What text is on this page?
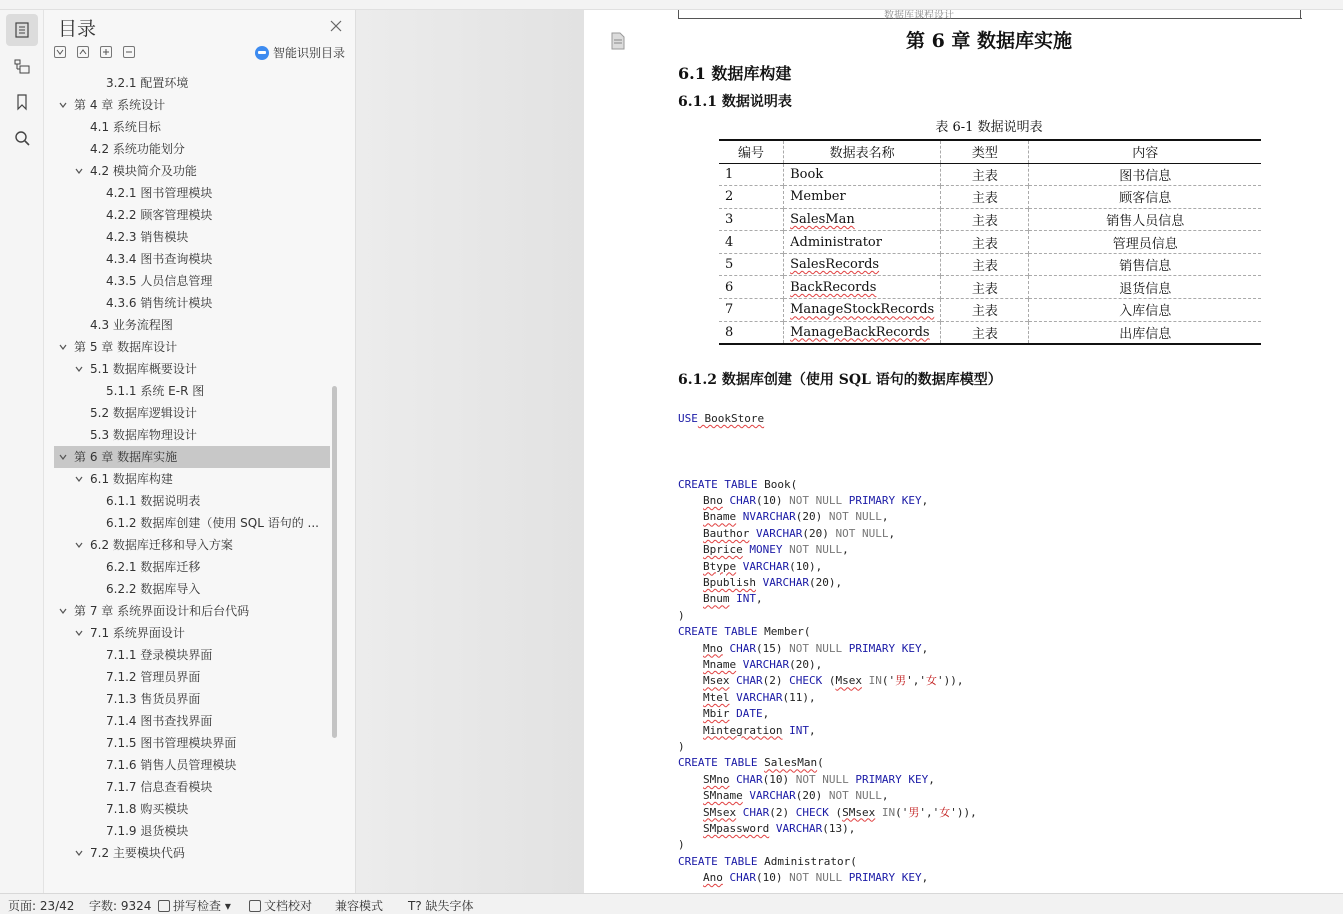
目录
智能识别目录
3.2.1 配置环境
第 4 章 系统设计
4.1 系统目标
4.2 系统功能划分
4.2 模块简介及功能
4.2.1 图书管理模块
4.2.2 顾客管理模块
4.2.3 销售模块
4.3.4 图书查询模块
4.3.5 人员信息管理
4.3.6 销售统计模块
4.3 业务流程图
第 5 章 数据库设计
5.1 数据库概要设计
5.1.1 系统 E-R 图
5.2 数据库逻辑设计
5.3 数据库物理设计
第 6 章 数据库实施
6.1 数据库构建
6.1.1 数据说明表
6.1.2 数据库创建（使用 SQL 语句的 ...
6.2 数据库迁移和导入方案
6.2.1 数据库迁移
6.2.2 数据库导入
第 7 章 系统界面设计和后台代码
7.1 系统界面设计
7.1.1 登录模块界面
7.1.2 管理员界面
7.1.3 售货员界面
7.1.4 图书查找界面
7.1.5 图书管理模块界面
7.1.6 销售人员管理模块
7.1.7 信息查看模块
7.1.8 购买模块
7.1.9 退货模块
7.2 主要模块代码
数据库课程设计
第 6 章 数据库实施
6.1 数据库构建
6.1.1 数据说明表
表 6-1 数据说明表
编号	数据表名称	类型	内容
1	Book	主表	图书信息
2	Member	主表	顾客信息
3	SalesMan	主表	销售人员信息
4	Administrator	主表	管理员信息
5	SalesRecords	主表	销售信息
6	BackRecords	主表	退货信息
7	ManageStockRecords	主表	入库信息
8	ManageBackRecords	主表	出库信息
6.1.2 数据库创建（使用 SQL 语句的数据库模型）
USE BookStore
CREATE TABLE Book(
Bno CHAR(10) NOT NULL PRIMARY KEY,
Bname NVARCHAR(20) NOT NULL,
Bauthor VARCHAR(20) NOT NULL,
Bprice MONEY NOT NULL,
Btype VARCHAR(10),
Bpublish VARCHAR(20),
Bnum INT,
)
CREATE TABLE Member(
Mno CHAR(15) NOT NULL PRIMARY KEY,
Mname VARCHAR(20),
Msex CHAR(2) CHECK (Msex IN('男','女')),
Mtel VARCHAR(11),
Mbir DATE,
Mintegration INT,
)
CREATE TABLE SalesMan(
SMno CHAR(10) NOT NULL PRIMARY KEY,
SMname VARCHAR(20) NOT NULL,
SMsex CHAR(2) CHECK (SMsex IN('男','女')),
SMpassword VARCHAR(13),
)
CREATE TABLE Administrator(
Ano CHAR(10) NOT NULL PRIMARY KEY,
页面: 23/42 字数: 9324	拼写检查 ▾	文档校对 兼容模式 T? 缺失字体
